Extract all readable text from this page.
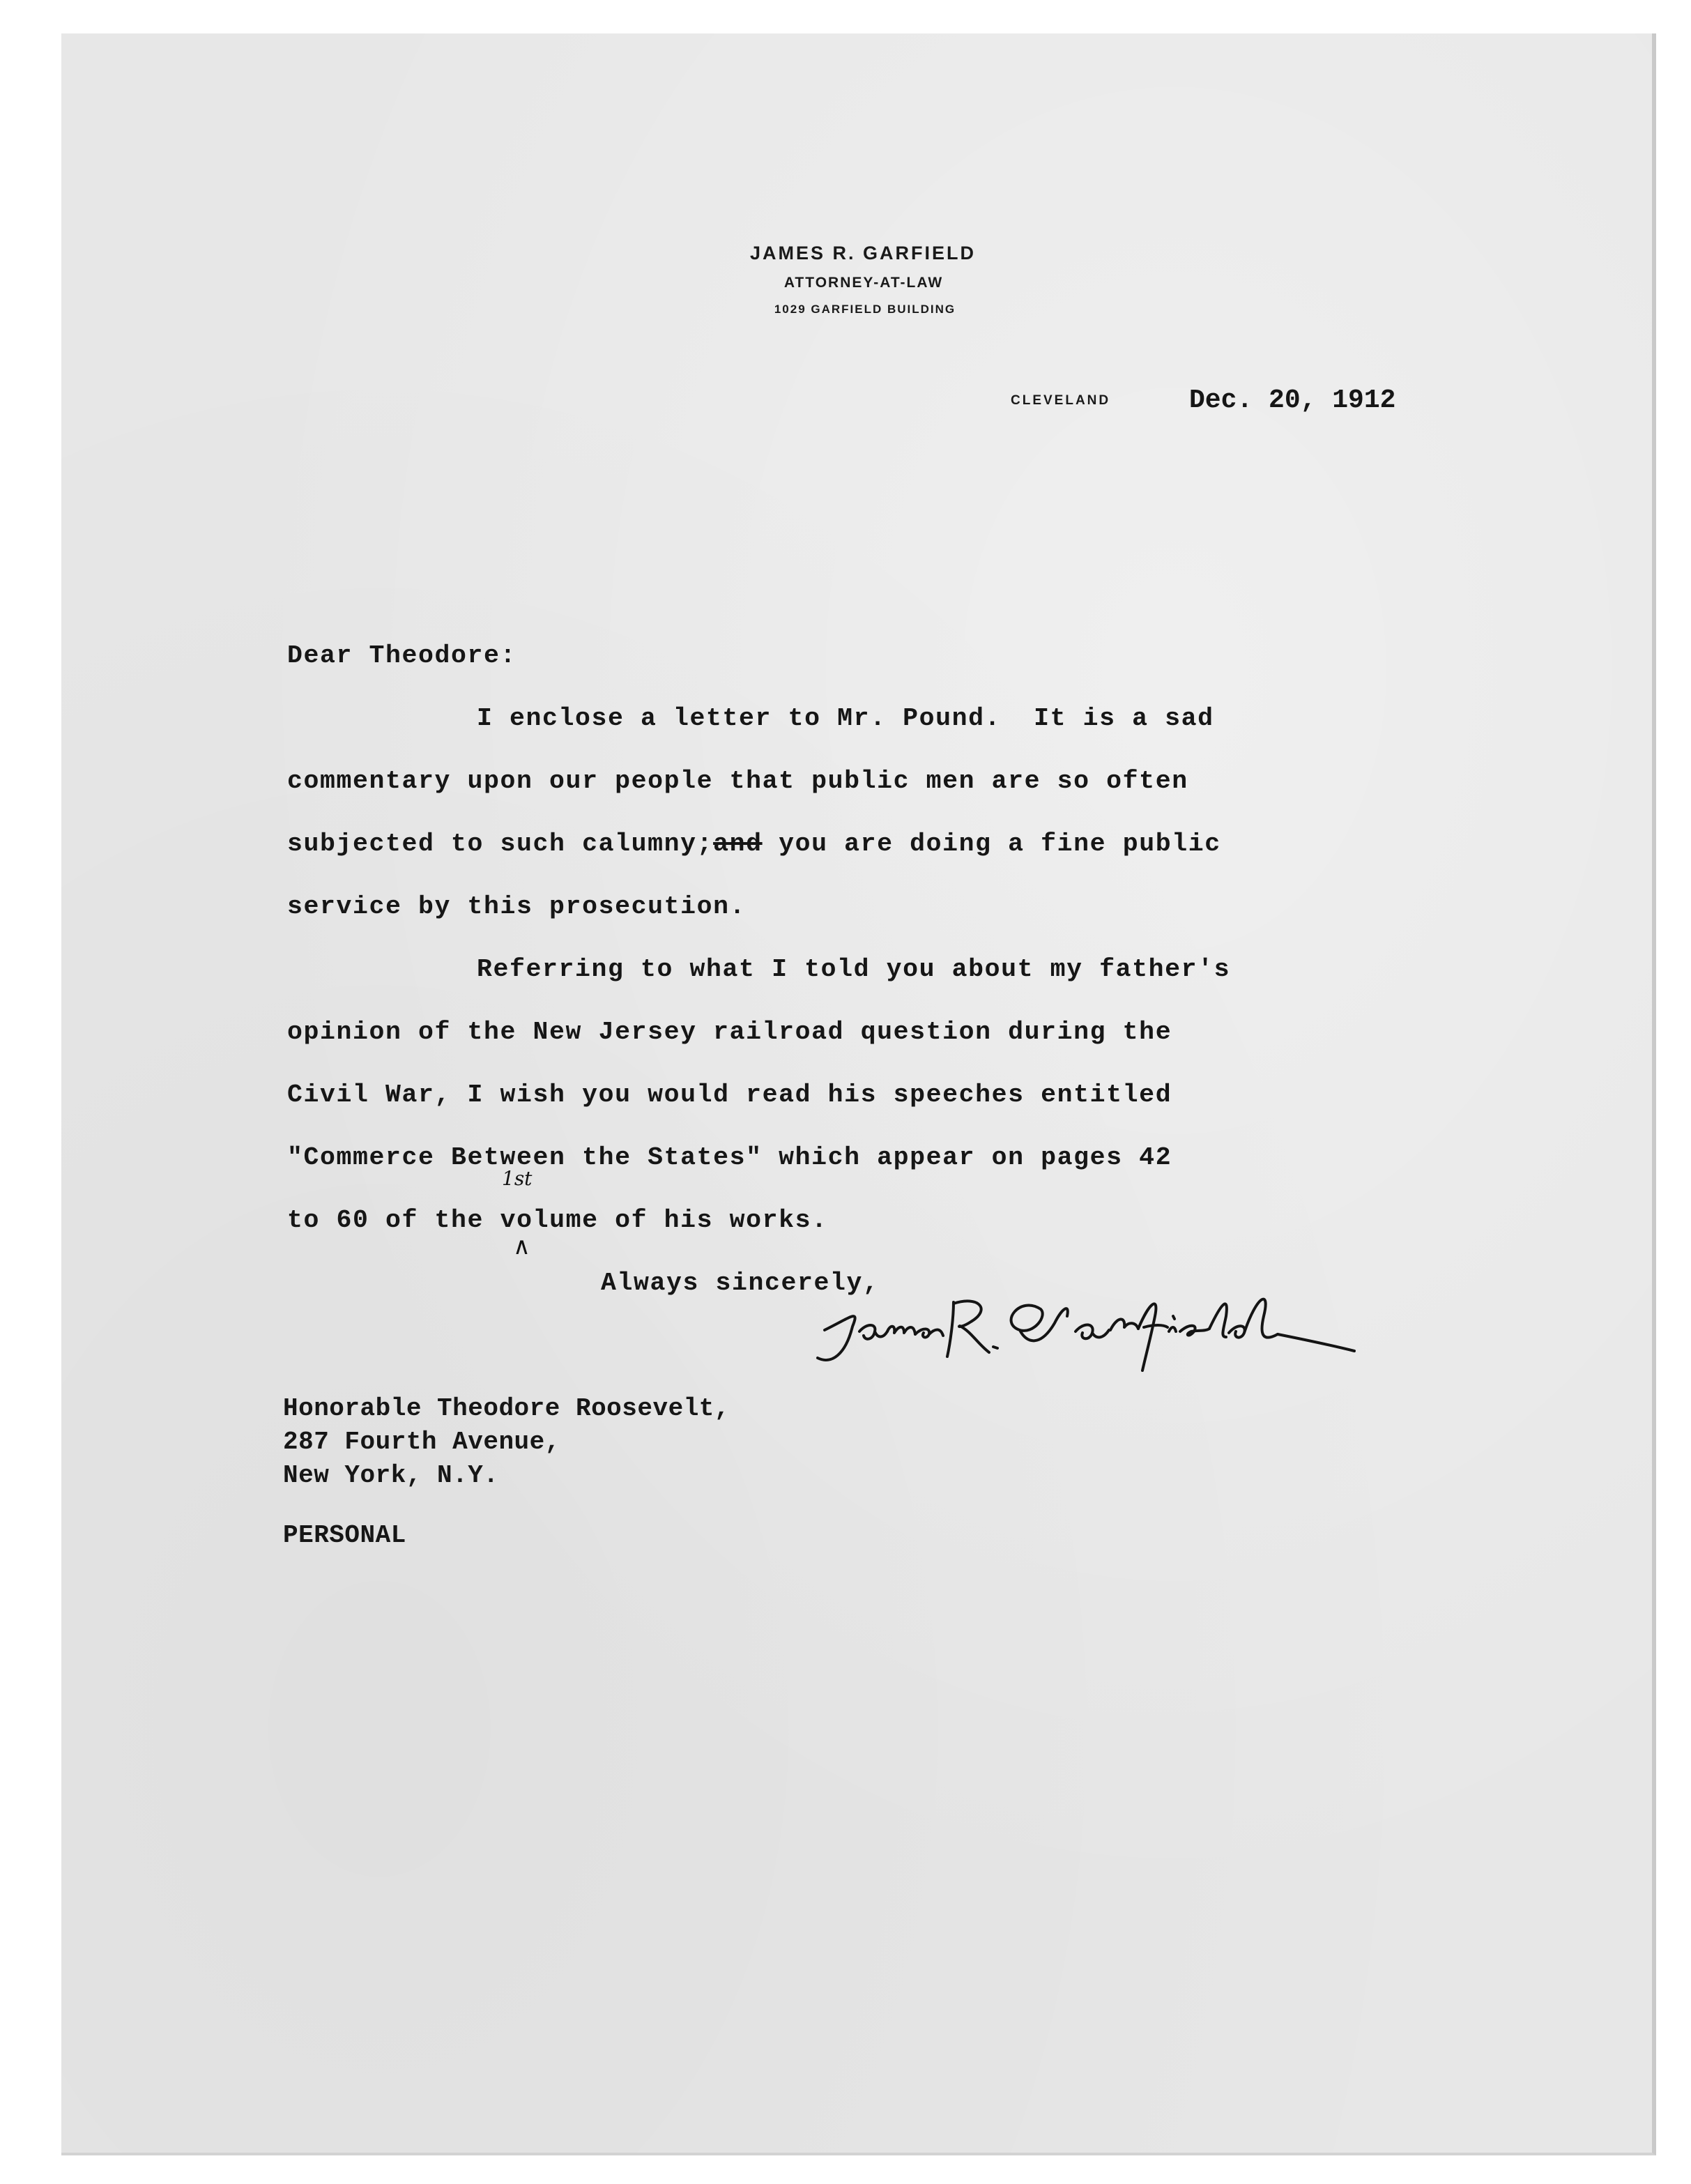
JAMES R. GARFIELD
ATTORNEY-AT-LAW
1029 GARFIELD BUILDING
CLEVELAND	Dec. 20, 1912
Dear Theodore:
I enclose a letter to Mr. Pound.  It is a sad
commentary upon our people that public men are so often
subjected to such calumny;and you are doing a fine public
service by this prosecution.
Referring to what I told you about my father's
opinion of the New Jersey railroad question during the
Civil War, I wish you would read his speeches entitled
"Commerce Between the States" which appear on pages 42
to 60 of the volume of his works.
1st
∧
Always sincerely,
Honorable Theodore Roosevelt,
287 Fourth Avenue,
New York, N.Y.
PERSONAL
